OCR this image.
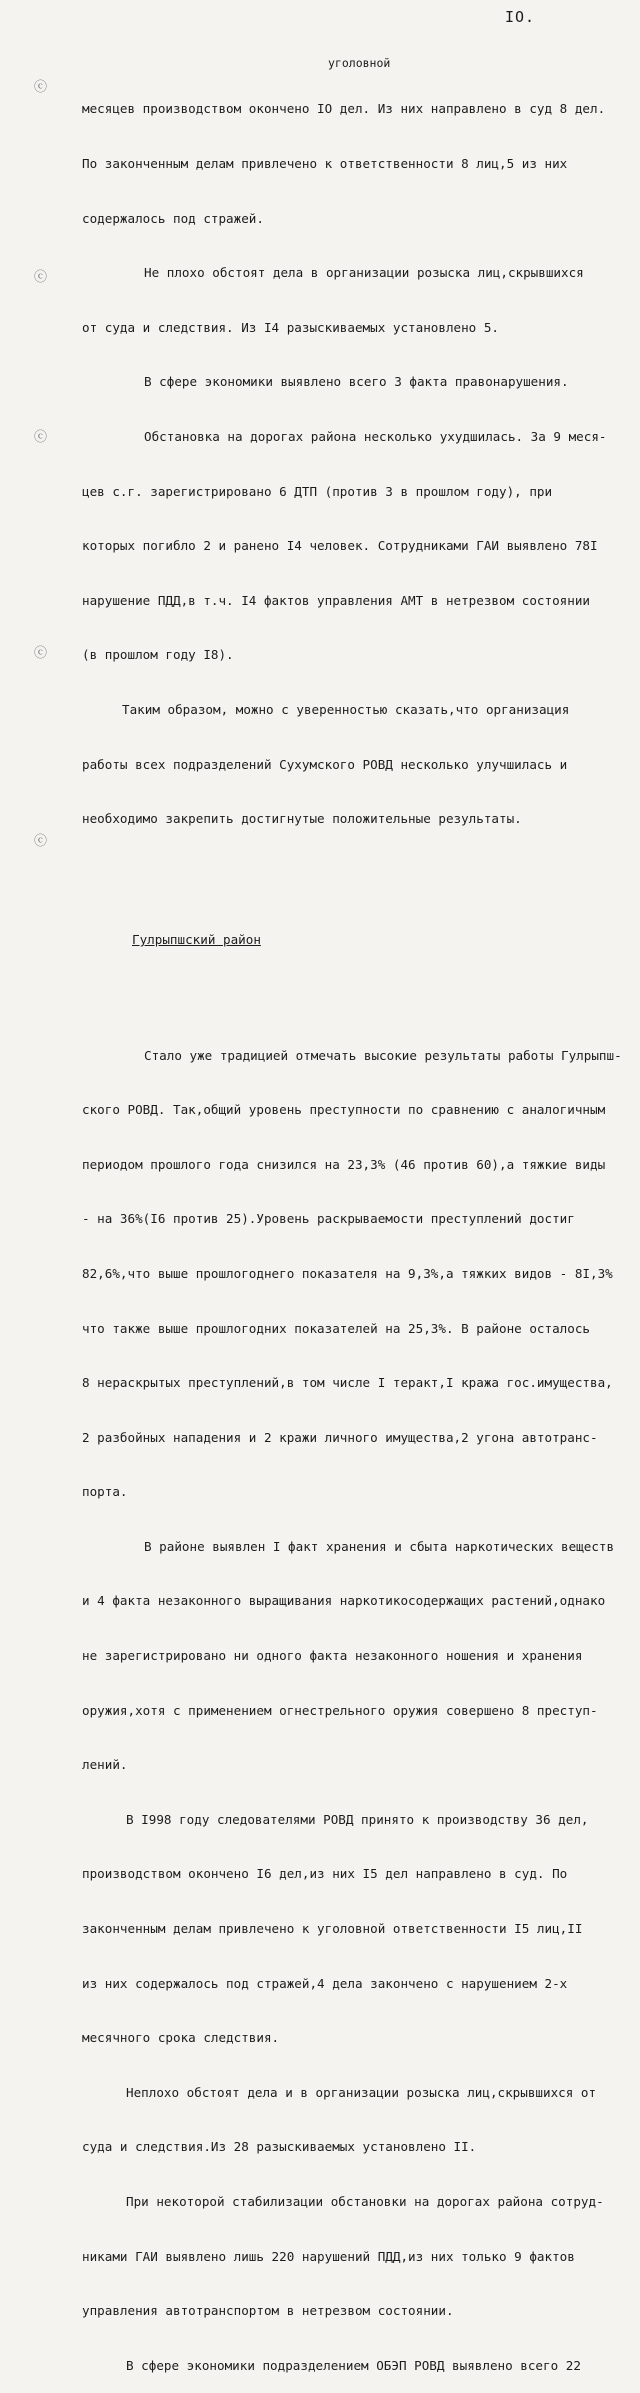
IO.
ⓒ
ⓒ
ⓒ
ⓒ
ⓒ
уголовной

месяцев производством окончено IO дел. Из них направлено в суд 8 дел.

По законченным делам привлечено к ответственности 8 лиц,5 из них

содержалось под стражей.

Не плохо обстоят дела в организации розыска лиц,скрывшихся

от суда и следствия. Из I4 разыскиваемых установлено 5.

В сфере экономики выявлено всего 3 факта правонарушения.

Обстановка на дорогах района несколько ухудшилась. За 9 меся-

цев с.г. зарегистрировано 6 ДТП (против 3 в прошлом году), при

которых погибло 2 и ранено I4 человек. Сотрудниками ГАИ выявлено 78I

нарушение ПДД,в т.ч. I4 фактов управления АМТ в нетрезвом состоянии

(в прошлом году I8).

Таким образом, можно с уверенностью сказать,что организация

работы всех подразделений Сухумского РОВД несколько улучшилась и

необходимо закрепить достигнутые положительные результаты.

Гулрыпшский район

Стало уже традицией отмечать высокие результаты работы Гулрыпш-

ского РОВД. Так,общий уровень преступности по сравнению с аналогичным

периодом прошлого года снизился на 23,3% (46 против 60),а тяжкие виды

- на 36%(I6 против 25).Уровень раскрываемости преступлений достиг

82,6%,что выше прошлогоднего показателя на 9,3%,а тяжких видов - 8I,3%

что также выше прошлогодних показателей на 25,3%. В районе осталось

8 нераскрытых преступлений,в том числе I теракт,I кража гос.имущества,

2 разбойных нападения и 2 кражи личного имущества,2 угона автотранс-

порта.

В районе выявлен I факт хранения и сбыта наркотических веществ

и 4 факта незаконного выращивания наркотикосодержащих растений,однако

не зарегистрировано ни одного факта незаконного ношения и хранения

оружия,хотя с применением огнестрельного оружия совершено 8 преступ-

лений.

В I998 году следователями РОВД принято к производству 36 дел,

производством окончено I6 дел,из них I5 дел направлено в суд. По

законченным делам привлечено к уголовной ответственности I5 лиц,II

из них содержалось под стражей,4 дела закончено с нарушением 2-х

месячного срока следствия.

Неплохо обстоят дела и в организации розыска лиц,скрывшихся от

суда и следствия.Из 28 разыскиваемых установлено II.

При некоторой стабилизации обстановки на дорогах района сотруд-

никами ГАИ выявлено лишь 220 нарушений ПДД,из них только 9 фактов

управления автотранспортом в нетрезвом состоянии.

В сфере экономики подразделением ОБЭП РОВД выявлено всего 22
